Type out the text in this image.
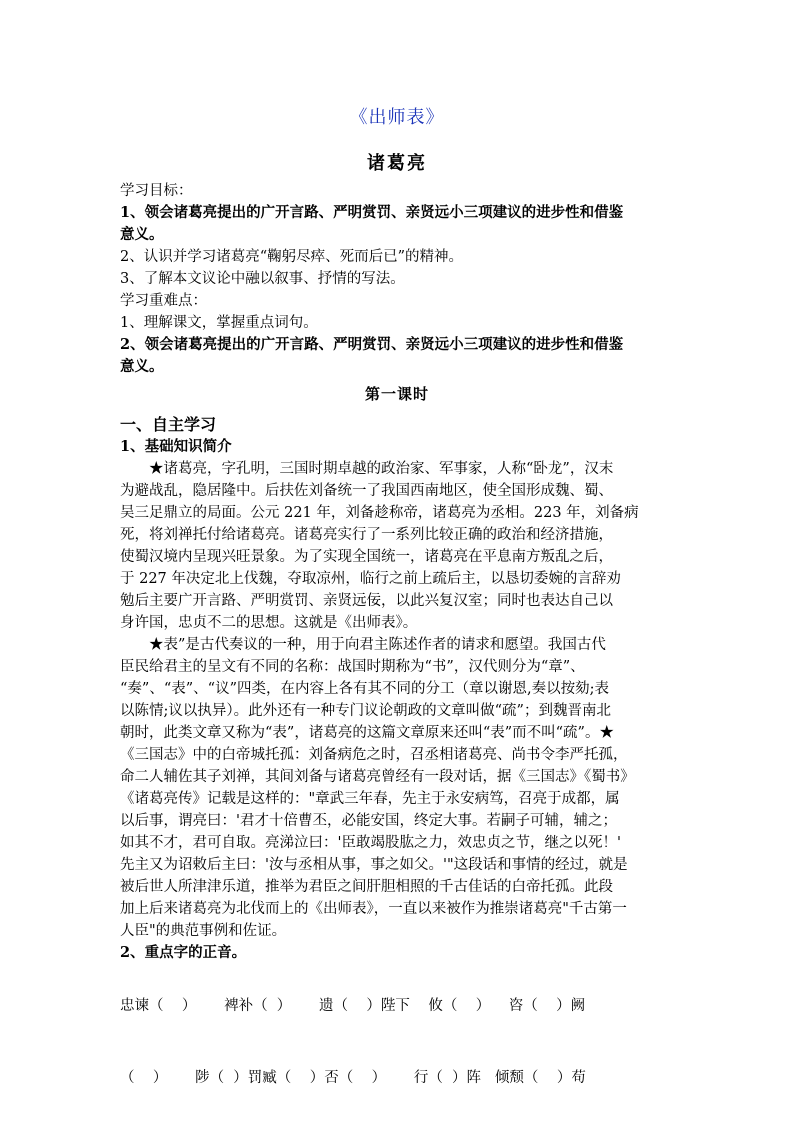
《出师表》
诸葛亮
学习目标：
1、领会诸葛亮提出的广开言路、严明赏罚、亲贤远小三项建议的进步性和借鉴
意义。
2、认识并学习诸葛亮“鞠躬尽瘁、死而后已”的精神。
3、了解本文议论中融以叙事、抒情的写法。
学习重难点：
1、理解课文，掌握重点词句。
2、领会诸葛亮提出的广开言路、严明赏罚、亲贤远小三项建议的进步性和借鉴
意义。
第一课时
一、自主学习
1、基础知识简介
★诸葛亮，字孔明，三国时期卓越的政治家、军事家，人称“卧龙”，汉末
为避战乱，隐居隆中。后扶佐刘备统一了我国西南地区，使全国形成魏、蜀、
吴三足鼎立的局面。公元 221 年，刘备趁称帝，诸葛亮为丞相。223 年，刘备病
死，将刘禅托付给诸葛亮。诸葛亮实行了一系列比较正确的政治和经济措施，
使蜀汉境内呈现兴旺景象。为了实现全国统一，诸葛亮在平息南方叛乱之后，
于 227 年决定北上伐魏，夺取凉州，临行之前上疏后主，以恳切委婉的言辞劝
勉后主要广开言路、严明赏罚、亲贤远佞，以此兴复汉室；同时也表达自己以
身许国，忠贞不二的思想。这就是《出师表》。
★表”是古代奏议的一种，用于向君主陈述作者的请求和愿望。我国古代
臣民给君主的呈文有不同的名称：战国时期称为“书”，汉代则分为“章”、
“奏”、“表”、“议”四类，在内容上各有其不同的分工（章以谢恩,奏以按劾;表
以陈情;议以执异）。此外还有一种专门议论朝政的文章叫做“疏”；到魏晋南北
朝时，此类文章又称为“表”，诸葛亮的这篇文章原来还叫“表”而不叫“疏”。★
《三国志》中的白帝城托孤：刘备病危之时，召丞相诸葛亮、尚书令李严托孤，
命二人辅佐其子刘禅，其间刘备与诸葛亮曾经有一段对话，据《三国志》《蜀书》
《诸葛亮传》记载是这样的："章武三年春，先主于永安病笃，召亮于成都，属
以后事，谓亮曰：'君才十倍曹丕，必能安国，终定大事。若嗣子可辅，辅之；
如其不才，君可自取。亮涕泣曰：'臣敢竭股肱之力，效忠贞之节，继之以死！'
先主又为诏敕后主曰：'汝与丞相从事，事之如父。'"这段话和事情的经过，就是
被后世人所津津乐道，推举为君臣之间肝胆相照的千古佳话的白帝托孤。此段
加上后来诸葛亮为北伐而上的《出师表》，一直以来被作为推崇诸葛亮"千古第一
人臣"的典范事例和佐证。
2、重点字的正音。

忠谏（    ）      裨补（  ）      遗（    ）陛下    攸（    ）    咨（    ）阙

（    ）      陟（  ）罚臧（    ）否（    ）      行（  ）阵   倾颓（    ）苟
